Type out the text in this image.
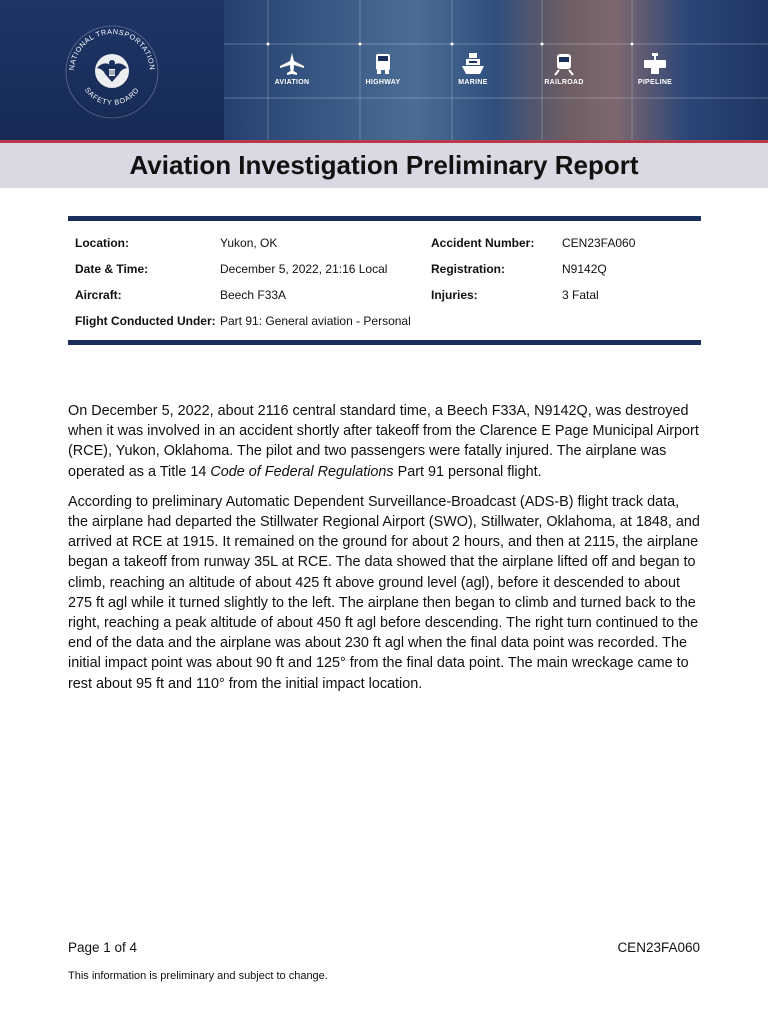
NATIONAL TRANSPORTATION
SAFETY BOARD
AVIATION	HIGHWAY	MARINE	RAILROAD	PIPELINE
Aviation Investigation Preliminary Report
Location:	Yukon, OK	Accident Number:	CEN23FA060
Date & Time:	December 5, 2022, 21:16 Local	Registration:	N9142Q
Aircraft:	Beech F33A	Injuries:	3 Fatal
Flight Conducted Under: Part 91: General aviation - Personal

On December 5, 2022, about 2116 central standard time, a Beech F33A, N9142Q, was destroyed when it was involved in an accident shortly after takeoff from the Clarence E Page Municipal Airport (RCE), Yukon, Oklahoma. The pilot and two passengers were fatally injured. The airplane was operated as a Title 14 Code of Federal Regulations Part 91 personal flight.

According to preliminary Automatic Dependent Surveillance-Broadcast (ADS-B) flight track data, the airplane had departed the Stillwater Regional Airport (SWO), Stillwater, Oklahoma, at 1848, and arrived at RCE at 1915. It remained on the ground for about 2 hours, and then at 2115, the airplane began a takeoff from runway 35L at RCE. The data showed that the airplane lifted off and began to climb, reaching an altitude of about 425 ft above ground level (agl), before it descended to about 275 ft agl while it turned slightly to the left. The airplane then began to climb and turned back to the right, reaching a peak altitude of about 450 ft agl before descending. The right turn continued to the end of the data and the airplane was about 230 ft agl when the final data point was recorded. The initial impact point was about 90 ft and 125° from the final data point. The main wreckage came to rest about 95 ft and 110° from the initial impact location.

Page 1 of 4	CEN23FA060
This information is preliminary and subject to change.
